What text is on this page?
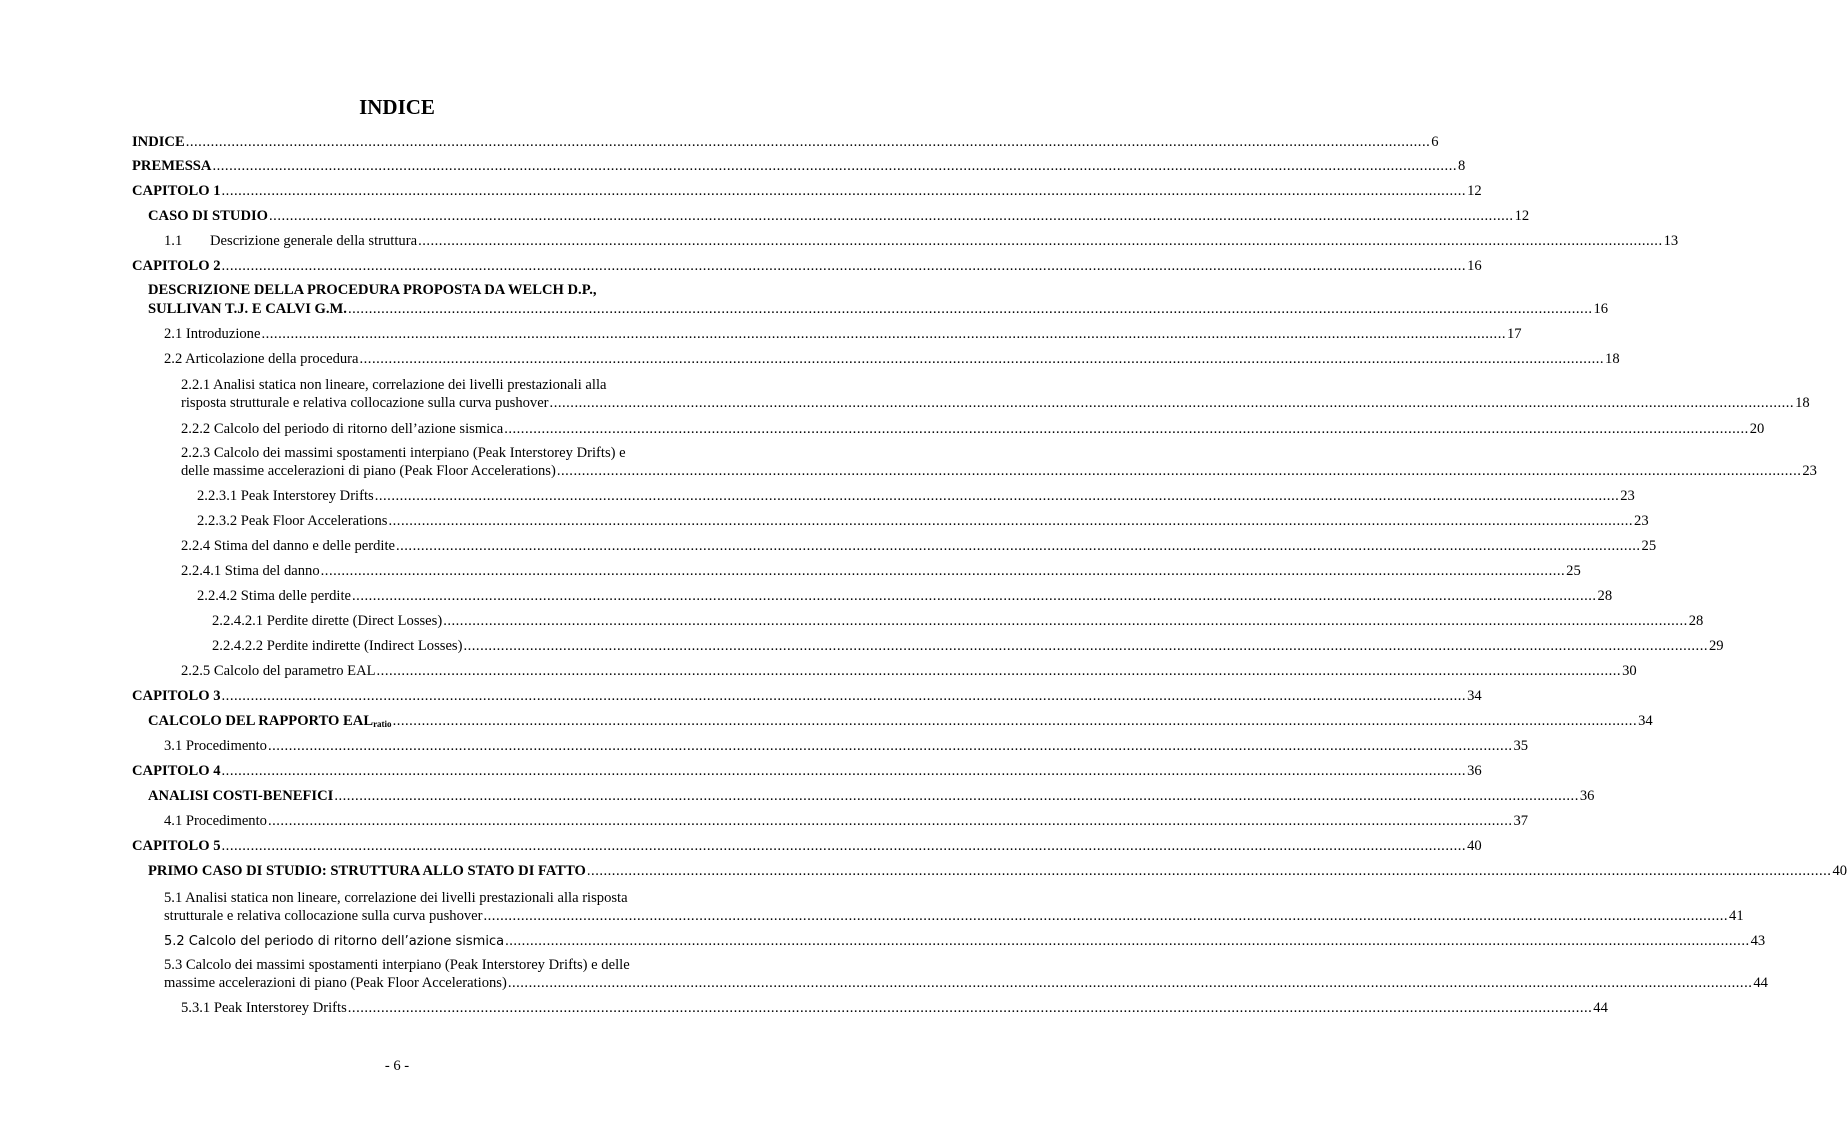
INDICE
INDICE ............................................................................................................................................................................................................................................................................................................ 6
PREMESSA ............................................................................................................................................................................................................................................................................................................ 8
CAPITOLO 1 ............................................................................................................................................................................................................................................................................................................ 12
CASO DI STUDIO ............................................................................................................................................................................................................................................................................................................ 12
1.1 Descrizione generale della struttura ............................................................................................................................................................................................................................................................................................................ 13
CAPITOLO 2 ............................................................................................................................................................................................................................................................................................................ 16
DESCRIZIONE DELLA PROCEDURA PROPOSTA DA WELCH D.P.,
SULLIVAN T.J. E CALVI G.M. ............................................................................................................................................................................................................................................................................................................ 16
2.1 Introduzione ............................................................................................................................................................................................................................................................................................................ 17
2.2 Articolazione della procedura ............................................................................................................................................................................................................................................................................................................ 18
2.2.1 Analisi statica non lineare, correlazione dei livelli prestazionali alla
risposta strutturale e relativa collocazione sulla curva pushover ............................................................................................................................................................................................................................................................................................................ 18
2.2.2 Calcolo del periodo di ritorno dell’azione sismica ............................................................................................................................................................................................................................................................................................................ 20
2.2.3 Calcolo dei massimi spostamenti interpiano (Peak Interstorey Drifts) e
delle massime accelerazioni di piano (Peak Floor Accelerations) ............................................................................................................................................................................................................................................................................................................ 23
2.2.3.1 Peak Interstorey Drifts ............................................................................................................................................................................................................................................................................................................ 23
2.2.3.2 Peak Floor Accelerations ............................................................................................................................................................................................................................................................................................................ 23
2.2.4 Stima del danno e delle perdite ............................................................................................................................................................................................................................................................................................................ 25
2.2.4.1 Stima del danno ............................................................................................................................................................................................................................................................................................................ 25
2.2.4.2 Stima delle perdite ............................................................................................................................................................................................................................................................................................................ 28
2.2.4.2.1 Perdite dirette (Direct Losses) ............................................................................................................................................................................................................................................................................................................ 28
2.2.4.2.2 Perdite indirette (Indirect Losses) ............................................................................................................................................................................................................................................................................................................ 29
2.2.5 Calcolo del parametro EAL ............................................................................................................................................................................................................................................................................................................ 30
CAPITOLO 3 ............................................................................................................................................................................................................................................................................................................ 34
CALCOLO DEL RAPPORTO $EAL_{ratio}$ ............................................................................................................................................................................................................................................................................................................ 34
3.1 Procedimento ............................................................................................................................................................................................................................................................................................................ 35
CAPITOLO 4 ............................................................................................................................................................................................................................................................................................................ 36
ANALISI COSTI-BENEFICI ............................................................................................................................................................................................................................................................................................................ 36
4.1 Procedimento ............................................................................................................................................................................................................................................................................................................ 37
CAPITOLO 5 ............................................................................................................................................................................................................................................................................................................ 40
PRIMO CASO DI STUDIO: STRUTTURA ALLO STATO DI FATTO ............................................................................................................................................................................................................................................................................................................ 40
5.1 Analisi statica non lineare, correlazione dei livelli prestazionali alla risposta
strutturale e relativa collocazione sulla curva pushover ............................................................................................................................................................................................................................................................................................................ 41
5.2 Calcolo del periodo di ritorno dell’azione sismica ............................................................................................................................................................................................................................................................................................................ 43
5.3 Calcolo dei massimi spostamenti interpiano (Peak Interstorey Drifts) e delle
massime accelerazioni di piano (Peak Floor Accelerations) ............................................................................................................................................................................................................................................................................................................ 44
5.3.1 Peak Interstorey Drifts ............................................................................................................................................................................................................................................................................................................ 44
- 6 -
